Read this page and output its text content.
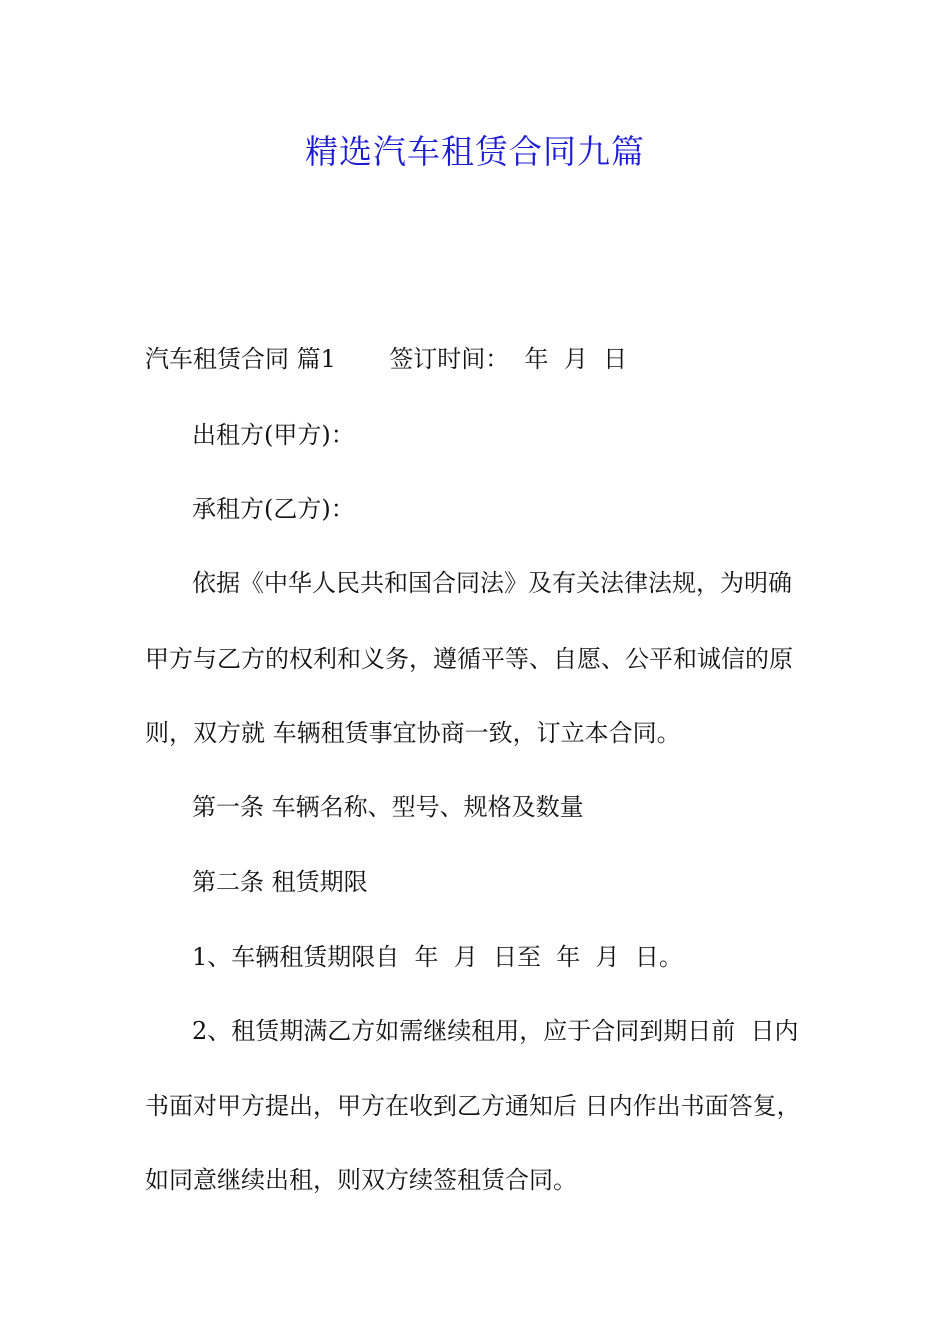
精选汽车租赁合同九篇
汽车租赁合同 篇1       签订时间：  年  月  日
出租方(甲方)：
承租方(乙方)：
依据《中华人民共和国合同法》及有关法律法规，为明确
甲方与乙方的权利和义务，遵循平等、自愿、公平和诚信的原
则，双方就 车辆租赁事宜协商一致，订立本合同。
第一条 车辆名称、型号、规格及数量
第二条 租赁期限
1、车辆租赁期限自  年  月  日至  年  月  日。
2、租赁期满乙方如需继续租用，应于合同到期日前  日内
书面对甲方提出，甲方在收到乙方通知后 日内作出书面答复，
如同意继续出租，则双方续签租赁合同。
